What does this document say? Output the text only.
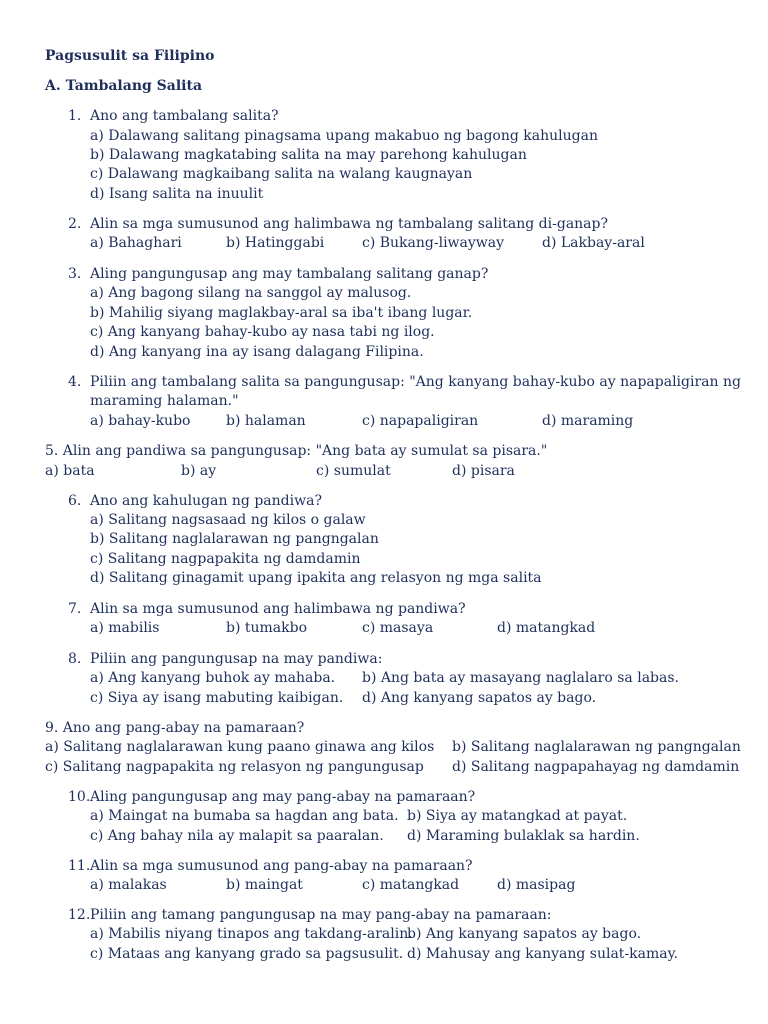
Pagsusulit sa Filipino
A. Tambalang Salita
1. Ano ang tambalang salita?
a) Dalawang salitang pinagsama upang makabuo ng bagong kahulugan
b) Dalawang magkatabing salita na may parehong kahulugan
c) Dalawang magkaibang salita na walang kaugnayan
d) Isang salita na inuulit
2. Alin sa mga sumusunod ang halimbawa ng tambalang salitang di-ganap?
a) Bahaghari	b) Hatinggabi	c) Bukang-liwayway	d) Lakbay-aral
3. Aling pangungusap ang may tambalang salitang ganap?
a) Ang bagong silang na sanggol ay malusog.
b) Mahilig siyang maglakbay-aral sa iba't ibang lugar.
c) Ang kanyang bahay-kubo ay nasa tabi ng ilog.
d) Ang kanyang ina ay isang dalagang Filipina.
4. Piliin ang tambalang salita sa pangungusap: "Ang kanyang bahay-kubo ay napapaligiran ng
maraming halaman."
a) bahay-kubo	b) halaman	c) napapaligiran	d) maraming
5. Alin ang pandiwa sa pangungusap: "Ang bata ay sumulat sa pisara."
a) bata	b) ay	c) sumulat	d) pisara
6. Ano ang kahulugan ng pandiwa?
a) Salitang nagsasaad ng kilos o galaw
b) Salitang naglalarawan ng pangngalan
c) Salitang nagpapakita ng damdamin
d) Salitang ginagamit upang ipakita ang relasyon ng mga salita
7. Alin sa mga sumusunod ang halimbawa ng pandiwa?
a) mabilis	b) tumakbo	c) masaya	d) matangkad
8. Piliin ang pangungusap na may pandiwa:
a) Ang kanyang buhok ay mahaba. b) Ang bata ay masayang naglalaro sa labas.
c) Siya ay isang mabuting kaibigan. d) Ang kanyang sapatos ay bago.
9. Ano ang pang-abay na pamaraan?
a) Salitang naglalarawan kung paano ginawa ang kilos b) Salitang naglalarawan ng pangngalan
c) Salitang nagpapakita ng relasyon ng pangungusap d) Salitang nagpapahayag ng damdamin
10. Aling pangungusap ang may pang-abay na pamaraan?
a) Maingat na bumaba sa hagdan ang bata. b) Siya ay matangkad at payat.
c) Ang bahay nila ay malapit sa paaralan. d) Maraming bulaklak sa hardin.
11. Alin sa mga sumusunod ang pang-abay na pamaraan?
a) malakas	b) maingat	c) matangkad	d) masipag
12. Piliin ang tamang pangungusap na may pang-abay na pamaraan:
a) Mabilis niyang tinapos ang takdang-aralin.
b) Ang kanyang sapatos ay bago.
c) Mataas ang kanyang grado sa pagsusulit. d) Mahusay ang kanyang sulat-kamay.
